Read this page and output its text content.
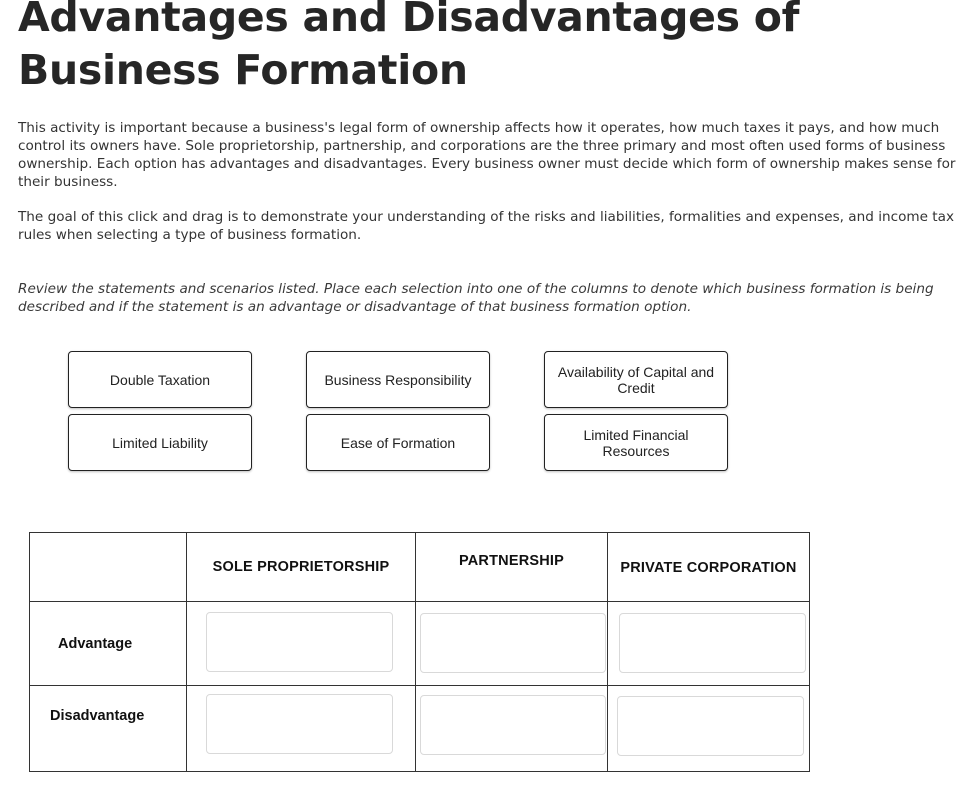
Advantages and Disadvantages of Business Formation

This activity is important because a business's legal form of ownership affects how it operates, how much taxes it pays, and how much control its owners have. Sole proprietorship, partnership, and corporations are the three primary and most often used forms of business ownership. Each option has advantages and disadvantages. Every business owner must decide which form of ownership makes sense for their business.

The goal of this click and drag is to demonstrate your understanding of the risks and liabilities, formalities and expenses, and income tax rules when selecting a type of business formation.

Review the statements and scenarios listed. Place each selection into one of the columns to denote which business formation is being described and if the statement is an advantage or disadvantage of that business formation option.

Double Taxation	Business Responsibility	Availability of Capital and Credit
Limited Liability	Ease of Formation	Limited Financial Resources
	SOLE PROPRIETORSHIP	PARTNERSHIP	PRIVATE CORPORATION
Advantage	

Disadvantage	
